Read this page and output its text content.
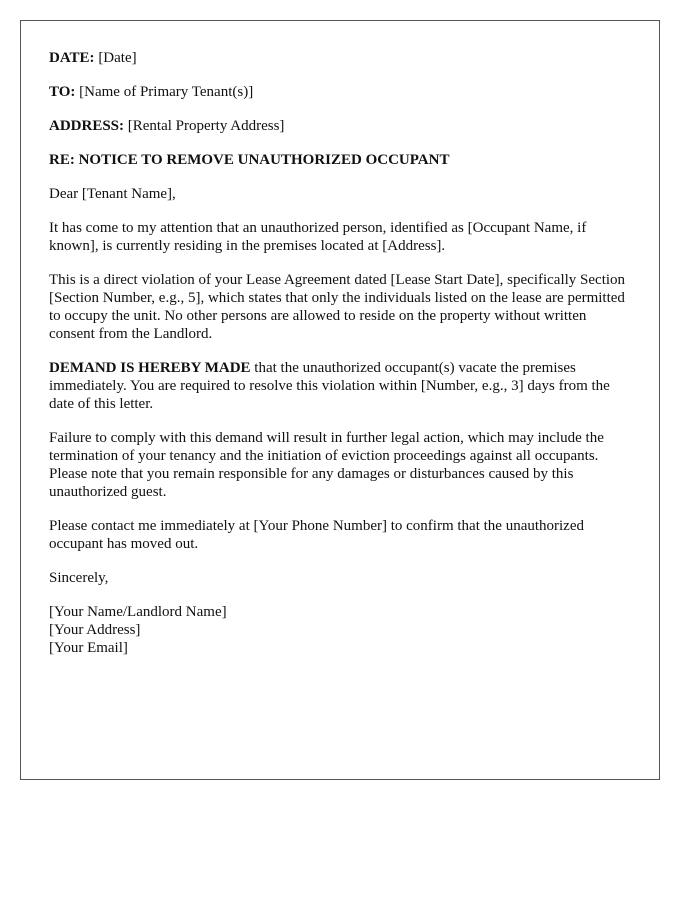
DATE: [Date]

TO: [Name of Primary Tenant(s)]

ADDRESS: [Rental Property Address]

RE: NOTICE TO REMOVE UNAUTHORIZED OCCUPANT

Dear [Tenant Name],

It has come to my attention that an unauthorized person, identified as [Occupant Name, if known], is currently residing in the premises located at [Address].

This is a direct violation of your Lease Agreement dated [Lease Start Date], specifically Section [Section Number, e.g., 5], which states that only the individuals listed on the lease are permitted to occupy the unit. No other persons are allowed to reside on the property without written consent from the Landlord.

DEMAND IS HEREBY MADE that the unauthorized occupant(s) vacate the premises immediately. You are required to resolve this violation within [Number, e.g., 3] days from the date of this letter.

Failure to comply with this demand will result in further legal action, which may include the termination of your tenancy and the initiation of eviction proceedings against all occupants. Please note that you remain responsible for any damages or disturbances caused by this unauthorized guest.

Please contact me immediately at [Your Phone Number] to confirm that the unauthorized occupant has moved out.

Sincerely,

[Your Name/Landlord Name]
[Your Address]
[Your Email]
